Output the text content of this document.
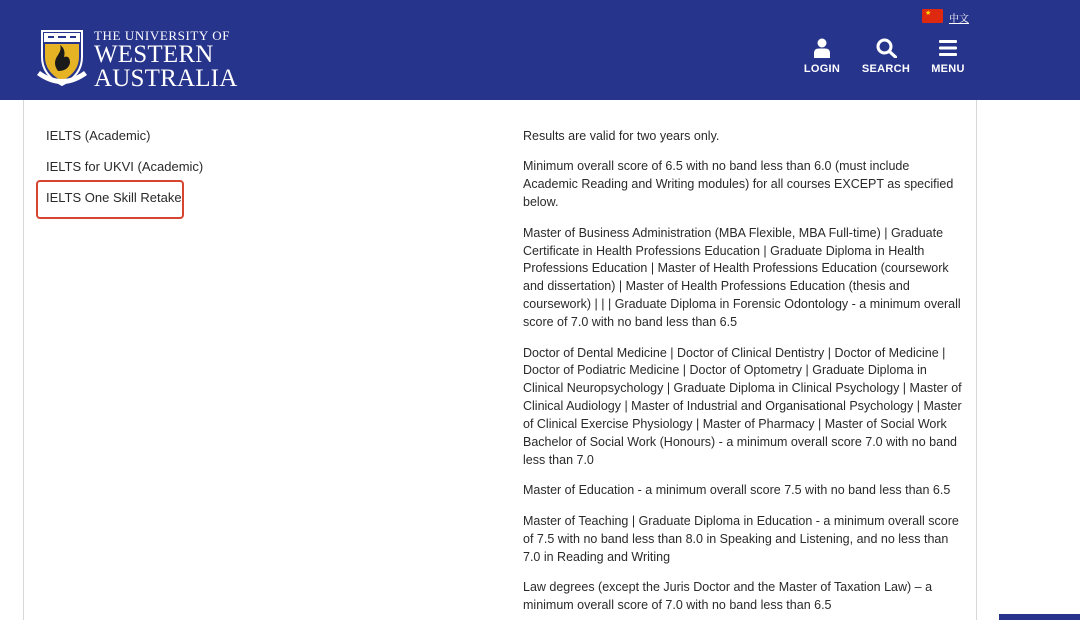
THE UNIVERSITY OF
WESTERN
AUSTRALIA
★
中文
LOGIN	SEARCH	MENU
IELTS (Academic)
IELTS for UKVI (Academic)
IELTS One Skill Retake

Results are valid for two years only.

Minimum overall score of 6.5 with no band less than 6.0 (must include Academic Reading and Writing modules) for all courses EXCEPT as specified below.

Master of Business Administration (MBA Flexible, MBA Full-time) | Graduate Certificate in Health Professions Education | Graduate Diploma in Health Professions Education | Master of Health Professions Education (coursework and dissertation) | Master of Health Professions Education (thesis and coursework) | | | Graduate Diploma in Forensic Odontology - a minimum overall score of 7.0 with no band less than 6.5

Doctor of Dental Medicine | Doctor of Clinical Dentistry | Doctor of Medicine | Doctor of Podiatric Medicine | Doctor of Optometry | Graduate Diploma in Clinical Neuropsychology | Graduate Diploma in Clinical Psychology | Master of Clinical Audiology | Master of Industrial and Organisational Psychology | Master of Clinical Exercise Physiology | Master of Pharmacy | Master of Social Work Bachelor of Social Work (Honours) - a minimum overall score 7.0 with no band less than 7.0

Master of Education - a minimum overall score 7.5 with no band less than 6.5

Master of Teaching | Graduate Diploma in Education - a minimum overall score of 7.5 with no band less than 8.0 in Speaking and Listening, and no less than 7.0 in Reading and Writing

Law degrees (except the Juris Doctor and the Master of Taxation Law) – a minimum overall score of 7.0 with no band less than 6.5
